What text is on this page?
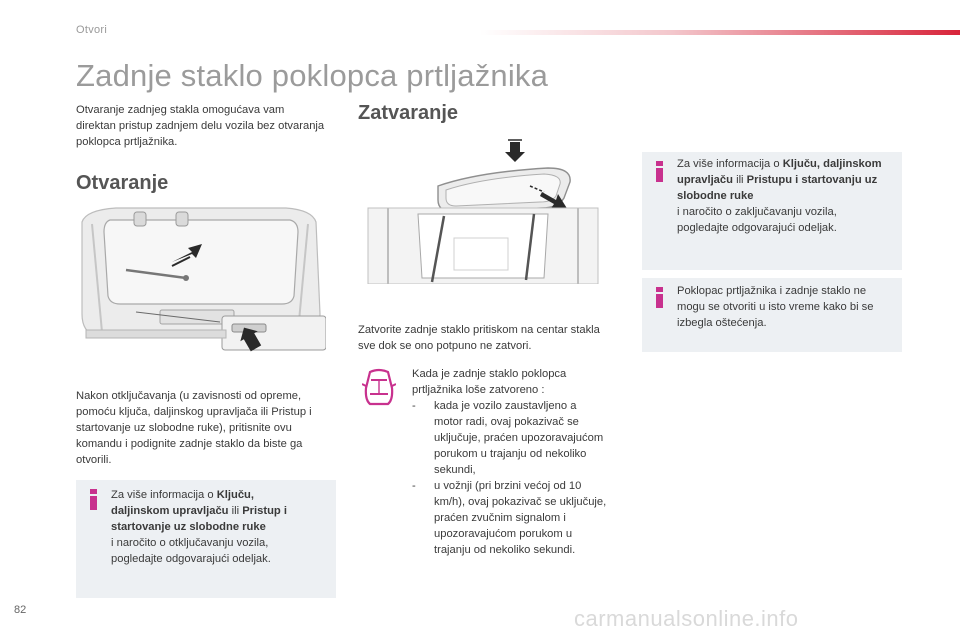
Otvori
Zadnje staklo poklopca prtljažnika
Otvaranje zadnjeg stakla omogućava vam direktan pristup zadnjem delu vozila bez otvaranja poklopca prtljažnika.
Otvaranje
Nakon otključavanja (u zavisnosti od opreme, pomoću ključa, daljinskog upravljača ili Pristup i startovanje uz slobodne ruke), pritisnite ovu komandu i podignite zadnje staklo da biste ga otvorili.
Za više informacija o Ključu, daljinskom upravljaču ili Pristup i startovanje uz slobodne ruke
i naročito o otključavanju vozila, pogledajte odgovarajući odeljak.
Zatvaranje
Zatvorite zadnje staklo pritiskom na centar stakla sve dok se ono potpuno ne zatvori.
Kada je zadnje staklo poklopca prtljažnika loše zatvoreno :
- kada je vozilo zaustavljeno a motor radi, ovaj pokazivač se uključuje, praćen upozoravajućom porukom u trajanju od nekoliko sekundi,
- u vožnji (pri brzini većoj od 10 km/h), ovaj pokazivač se uključuje, praćen zvučnim signalom i upozoravajućom porukom u trajanju od nekoliko sekundi.
Za više informacija o Ključu, daljinskom upravljaču ili Pristupu i startovanju uz slobodne ruke
i naročito o zaključavanju vozila, pogledajte odgovarajući odeljak.
Poklopac prtljažnika i zadnje staklo ne mogu se otvoriti u isto vreme kako bi se izbegla oštećenja.
82	carmanualsonline.info
